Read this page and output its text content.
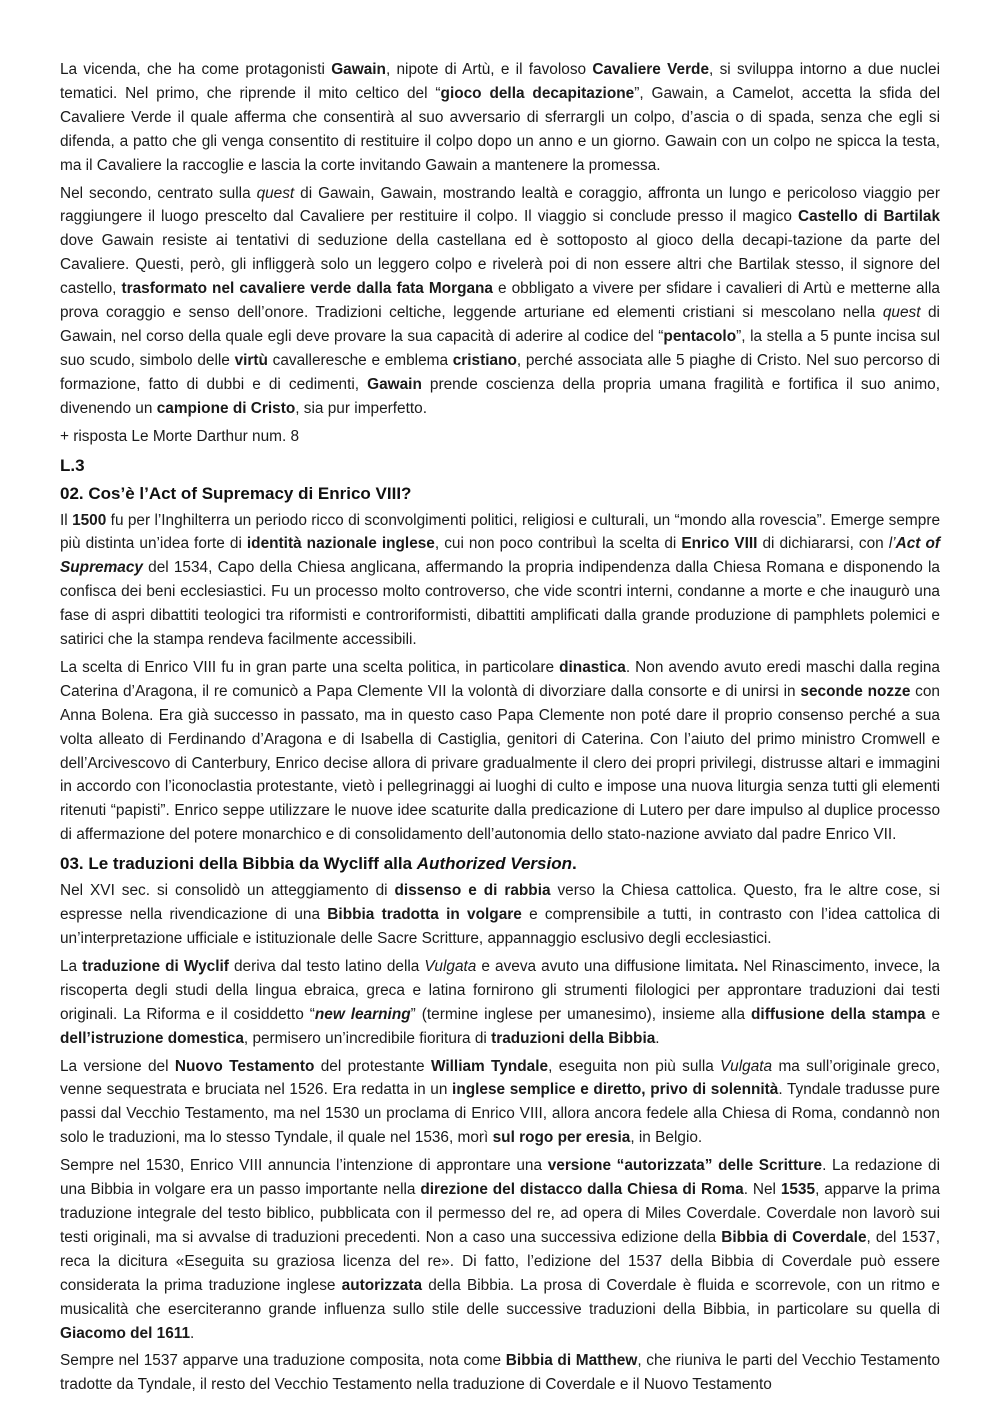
La vicenda, che ha come protagonisti Gawain, nipote di Artù, e il favoloso Cavaliere Verde, si sviluppa intorno a due nuclei tematici. Nel primo, che riprende il mito celtico del “gioco della decapitazione”, Gawain, a Camelot, accetta la sfida del Cavaliere Verde il quale afferma che consentirà al suo avversario di sferrargli un colpo, d’ascia o di spada, senza che egli si difenda, a patto che gli venga consentito di restituire il colpo dopo un anno e un giorno. Gawain con un colpo ne spicca la testa, ma il Cavaliere la raccoglie e lascia la corte invitando Gawain a mantenere la promessa.
Nel secondo, centrato sulla quest di Gawain, Gawain, mostrando lealtà e coraggio, affronta un lungo e pericoloso viaggio per raggiungere il luogo prescelto dal Cavaliere per restituire il colpo. Il viaggio si conclude presso il magico Castello di Bartilak dove Gawain resiste ai tentativi di seduzione della castellana ed è sottoposto al gioco della decapi-tazione da parte del Cavaliere. Questi, però, gli infliggerà solo un leggero colpo e rivelerà poi di non essere altri che Bartilak stesso, il signore del castello, trasformato nel cavaliere verde dalla fata Morgana e obbligato a vivere per sfidare i cavalieri di Artù e metterne alla prova coraggio e senso dell’onore. Tradizioni celtiche, leggende arturiane ed elementi cristiani si mescolano nella quest di Gawain, nel corso della quale egli deve provare la sua capacità di aderire al codice del “pentacolo”, la stella a 5 punte incisa sul suo scudo, simbolo delle virtù cavalleresche e emblema cristiano, perché associata alle 5 piaghe di Cristo. Nel suo percorso di formazione, fatto di dubbi e di cedimenti, Gawain prende coscienza della propria umana fragilità e fortifica il suo animo, divenendo un campione di Cristo, sia pur imperfetto.
+ risposta Le Morte Darthur num. 8
L.3
02. Cos’è l’Act of Supremacy di Enrico VIII?
Il 1500 fu per l’Inghilterra un periodo ricco di sconvolgimenti politici, religiosi e culturali, un “mondo alla rovescia”. Emerge sempre più distinta un’idea forte di identità nazionale inglese, cui non poco contribuì la scelta di Enrico VIII di dichiararsi, con l’Act of Supremacy del 1534, Capo della Chiesa anglicana, affermando la propria indipendenza dalla Chiesa Romana e disponendo la confisca dei beni ecclesiastici. Fu un processo molto controverso, che vide scontri interni, condanne a morte e che inaugurò una fase di aspri dibattiti teologici tra riformisti e controriformisti, dibattiti amplificati dalla grande produzione di pamphlets polemici e satirici che la stampa rendeva facilmente accessibili.
La scelta di Enrico VIII fu in gran parte una scelta politica, in particolare dinastica. Non avendo avuto eredi maschi dalla regina Caterina d’Aragona, il re comunicò a Papa Clemente VII la volontà di divorziare dalla consorte e di unirsi in seconde nozze con Anna Bolena. Era già successo in passato, ma in questo caso Papa Clemente non poté dare il proprio consenso perché a sua volta alleato di Ferdinando d’Aragona e di Isabella di Castiglia, genitori di Caterina. Con l’aiuto del primo ministro Cromwell e dell’Arcivescovo di Canterbury, Enrico decise allora di privare gradualmente il clero dei propri privilegi, distrusse altari e immagini in accordo con l’iconoclastia protestante, vietò i pellegrinaggi ai luoghi di culto e impose una nuova liturgia senza tutti gli elementi ritenuti “papisti”. Enrico seppe utilizzare le nuove idee scaturite dalla predicazione di Lutero per dare impulso al duplice processo di affermazione del potere monarchico e di consolidamento dell’autonomia dello stato-nazione avviato dal padre Enrico VII.
03. Le traduzioni della Bibbia da Wycliff alla Authorized Version.
Nel XVI sec. si consolidò un atteggiamento di dissenso e di rabbia verso la Chiesa cattolica. Questo, fra le altre cose, si espresse nella rivendicazione di una Bibbia tradotta in volgare e comprensibile a tutti, in contrasto con l’idea cattolica di un’interpretazione ufficiale e istituzionale delle Sacre Scritture, appannaggio esclusivo degli ecclesiastici.
La traduzione di Wyclif deriva dal testo latino della Vulgata e aveva avuto una diffusione limitata. Nel Rinascimento, invece, la riscoperta degli studi della lingua ebraica, greca e latina fornirono gli strumenti filologici per approntare traduzioni dai testi originali. La Riforma e il cosiddetto “new learning” (termine inglese per umanesimo), insieme alla diffusione della stampa e dell’istruzione domestica, permisero un’incredibile fioritura di traduzioni della Bibbia.
La versione del Nuovo Testamento del protestante William Tyndale, eseguita non più sulla Vulgata ma sull’originale greco, venne sequestrata e bruciata nel 1526. Era redatta in un inglese semplice e diretto, privo di solennità. Tyndale tradusse pure passi dal Vecchio Testamento, ma nel 1530 un proclama di Enrico VIII, allora ancora fedele alla Chiesa di Roma, condannò non solo le traduzioni, ma lo stesso Tyndale, il quale nel 1536, morì sul rogo per eresia, in Belgio.
Sempre nel 1530, Enrico VIII annuncia l’intenzione di approntare una versione “autorizzata” delle Scritture. La redazione di una Bibbia in volgare era un passo importante nella direzione del distacco dalla Chiesa di Roma. Nel 1535, apparve la prima traduzione integrale del testo biblico, pubblicata con il permesso del re, ad opera di Miles Coverdale. Coverdale non lavorò sui testi originali, ma si avvalse di traduzioni precedenti. Non a caso una successiva edizione della Bibbia di Coverdale, del 1537, reca la dicitura «Eseguita su graziosa licenza del re». Di fatto, l’edizione del 1537 della Bibbia di Coverdale può essere considerata la prima traduzione inglese autorizzata della Bibbia. La prosa di Coverdale è fluida e scorrevole, con un ritmo e musicalità che eserciteranno grande influenza sullo stile delle successive traduzioni della Bibbia, in particolare su quella di Giacomo del 1611.
Sempre nel 1537 apparve una traduzione composita, nota come Bibbia di Matthew, che riuniva le parti del Vecchio Testamento tradotte da Tyndale, il resto del Vecchio Testamento nella traduzione di Coverdale e il Nuovo Testamento
